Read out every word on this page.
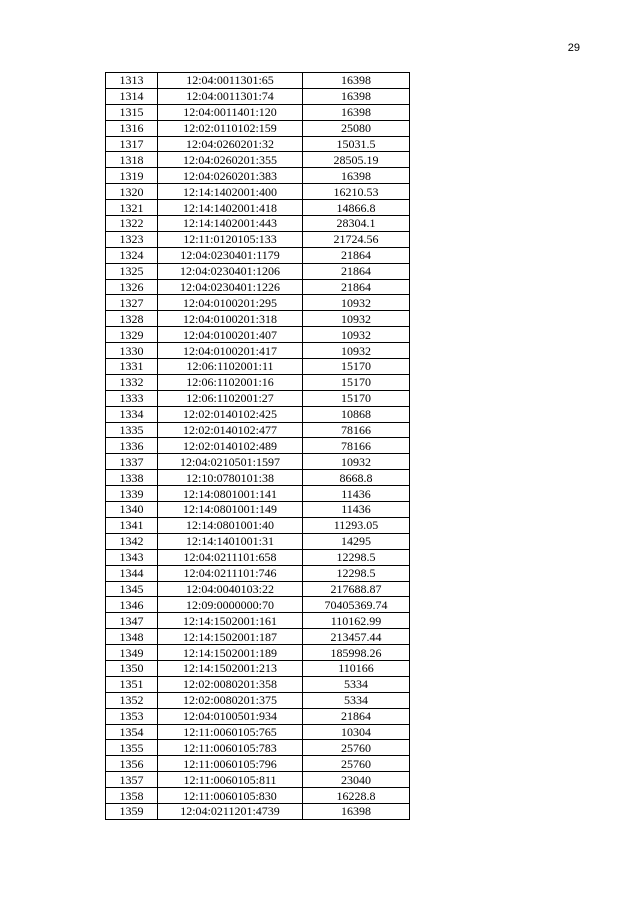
29
1313	12:04:0011301:65	16398
1314	12:04:0011301:74	16398
1315	12:04:0011401:120	16398
1316	12:02:0110102:159	25080
1317	12:04:0260201:32	15031.5
1318	12:04:0260201:355	28505.19
1319	12:04:0260201:383	16398
1320	12:14:1402001:400	16210.53
1321	12:14:1402001:418	14866.8
1322	12:14:1402001:443	28304.1
1323	12:11:0120105:133	21724.56
1324	12:04:0230401:1179	21864
1325	12:04:0230401:1206	21864
1326	12:04:0230401:1226	21864
1327	12:04:0100201:295	10932
1328	12:04:0100201:318	10932
1329	12:04:0100201:407	10932
1330	12:04:0100201:417	10932
1331	12:06:1102001:11	15170
1332	12:06:1102001:16	15170
1333	12:06:1102001:27	15170
1334	12:02:0140102:425	10868
1335	12:02:0140102:477	78166
1336	12:02:0140102:489	78166
1337	12:04:0210501:1597	10932
1338	12:10:0780101:38	8668.8
1339	12:14:0801001:141	11436
1340	12:14:0801001:149	11436
1341	12:14:0801001:40	11293.05
1342	12:14:1401001:31	14295
1343	12:04:0211101:658	12298.5
1344	12:04:0211101:746	12298.5
1345	12:04:0040103:22	217688.87
1346	12:09:0000000:70	70405369.74
1347	12:14:1502001:161	110162.99
1348	12:14:1502001:187	213457.44
1349	12:14:1502001:189	185998.26
1350	12:14:1502001:213	110166
1351	12:02:0080201:358	5334
1352	12:02:0080201:375	5334
1353	12:04:0100501:934	21864
1354	12:11:0060105:765	10304
1355	12:11:0060105:783	25760
1356	12:11:0060105:796	25760
1357	12:11:0060105:811	23040
1358	12:11:0060105:830	16228.8
1359	12:04:0211201:4739	16398
